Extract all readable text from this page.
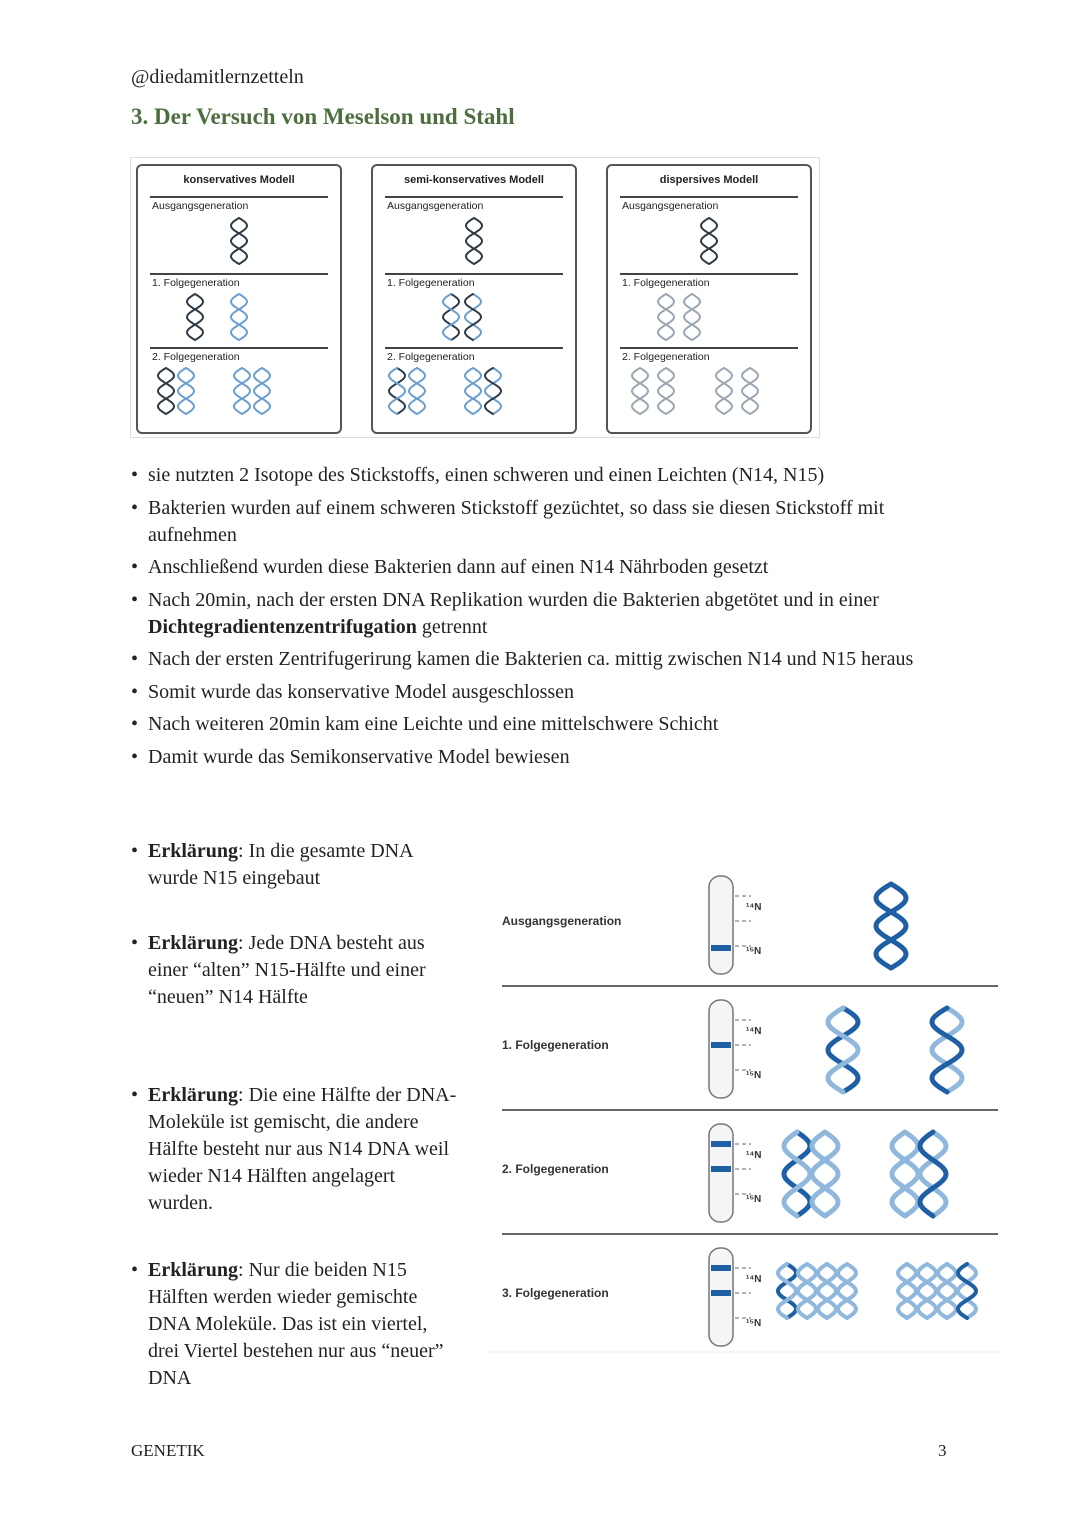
@diedamitlernzetteln
3. Der Versuch von Meselson und Stahl
konservatives Modell
Ausgangsgeneration
1. Folgegeneration
2. Folgegeneration
semi-konservatives Modell
Ausgangsgeneration
1. Folgegeneration
2. Folgegeneration
dispersives Modell
Ausgangsgeneration
1. Folgegeneration
2. Folgegeneration
• sie nutzten 2 Isotope des Stickstoffs, einen schweren und einen Leichten (N14, N15)
• Bakterien wurden auf einem schweren Stickstoff gezüchtet, so dass sie diesen Stickstoff mit aufnehmen
• Anschließend wurden diese Bakterien dann auf einen N14 Nährboden gesetzt
• Nach 20min, nach der ersten DNA Replikation wurden die Bakterien abgetötet und in einer Dichtegradientenzentrifugation getrennt
• Nach der ersten Zentrifugerirung kamen die Bakterien ca. mittig zwischen N14 und N15 heraus
• Somit wurde das konservative Model ausgeschlossen
• Nach weiteren 20min kam eine Leichte und eine mittelschwere Schicht
• Damit wurde das Semikonservative Model bewiesen
• Erklärung: In die gesamte DNA wurde N15 eingebaut
• Erklärung: Jede DNA besteht aus einer “alten” N15-Hälfte und einer “neuen” N14 Hälfte
• Erklärung: Die eine Hälfte der DNA-Moleküle ist gemischt, die andere Hälfte besteht nur aus N14 DNA weil wieder N14 Hälften angelagert wurden.
• Erklärung: Nur die beiden N15 Hälften werden wieder gemischte DNA Moleküle. Das ist ein viertel, drei Viertel bestehen nur aus “neuer” DNA
¹⁴N
¹⁵N
¹⁴N
¹⁵N
¹⁴N
¹⁵N
¹⁴N
¹⁵N
Ausgangsgeneration
1. Folgegeneration
2. Folgegeneration
3. Folgegeneration
GENETIK	3
